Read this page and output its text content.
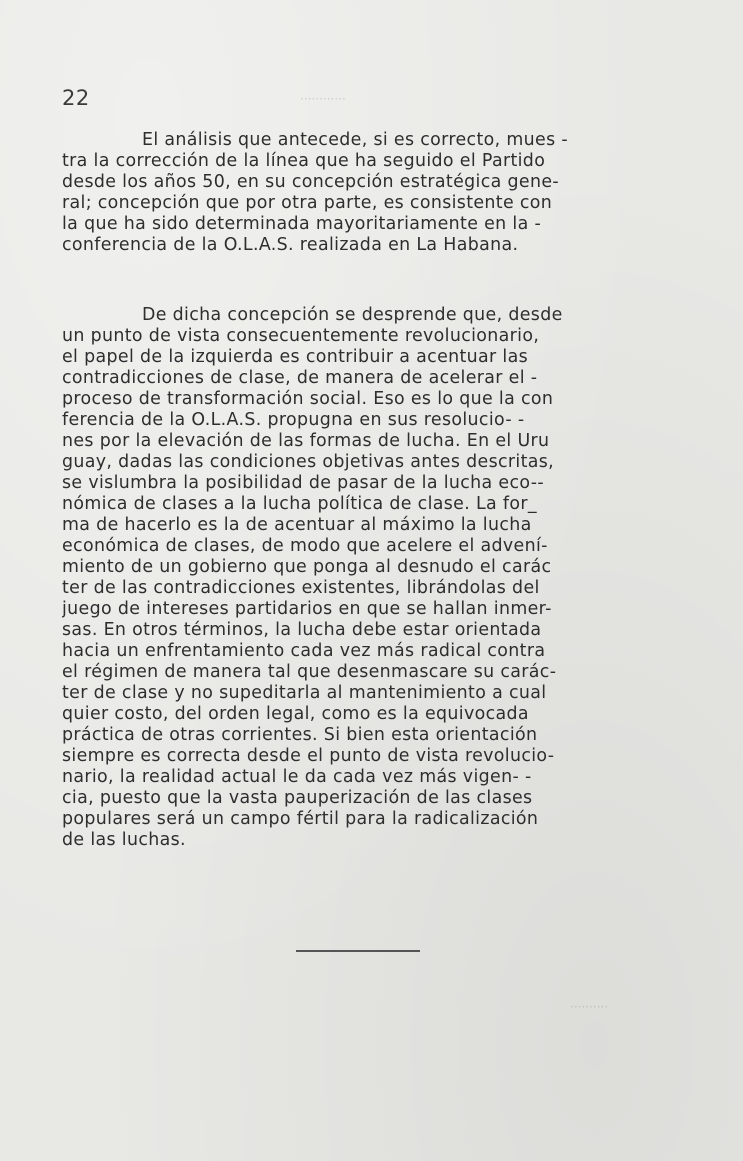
············
··········
22
El análisis que antecede, si es correcto, mues -
tra la corrección de la línea que ha seguido el Partido
desde los años 50, en su concepción estratégica gene-
ral; concepción que por otra parte, es consistente con
la que ha sido determinada mayoritariamente en la -
conferencia de la O.L.A.S. realizada en La Habana.
De dicha concepción se desprende que, desde
un punto de vista consecuentemente revolucionario,
el papel de la izquierda es contribuir a acentuar las
contradicciones de clase, de manera de acelerar el -
proceso de transformación social. Eso es lo que la con
ferencia de la O.L.A.S. propugna en sus resolucio- -
nes por la elevación de las formas de lucha. En el Uru
guay, dadas las condiciones objetivas antes descritas,
se vislumbra la posibilidad de pasar de la lucha eco--
nómica de clases a la lucha política de clase. La for_
ma de hacerlo es la de acentuar al máximo la lucha
económica de clases, de modo que acelere el advení-
miento de un gobierno que ponga al desnudo el carác
ter de las contradicciones existentes, librándolas del
juego de intereses partidarios en que se hallan inmer-
sas. En otros términos, la lucha debe estar orientada
hacia un enfrentamiento cada vez más radical contra
el régimen de manera tal que desenmascare su carác-
ter de clase y no supeditarla al mantenimiento a cual
quier costo, del orden legal, como es la equivocada
práctica de otras corrientes. Si bien esta orientación
siempre es correcta desde el punto de vista revolucio-
nario, la realidad actual le da cada vez más vigen- -
cia, puesto que la vasta pauperización de las clases
populares será un campo fértil para la radicalización
de las luchas.
